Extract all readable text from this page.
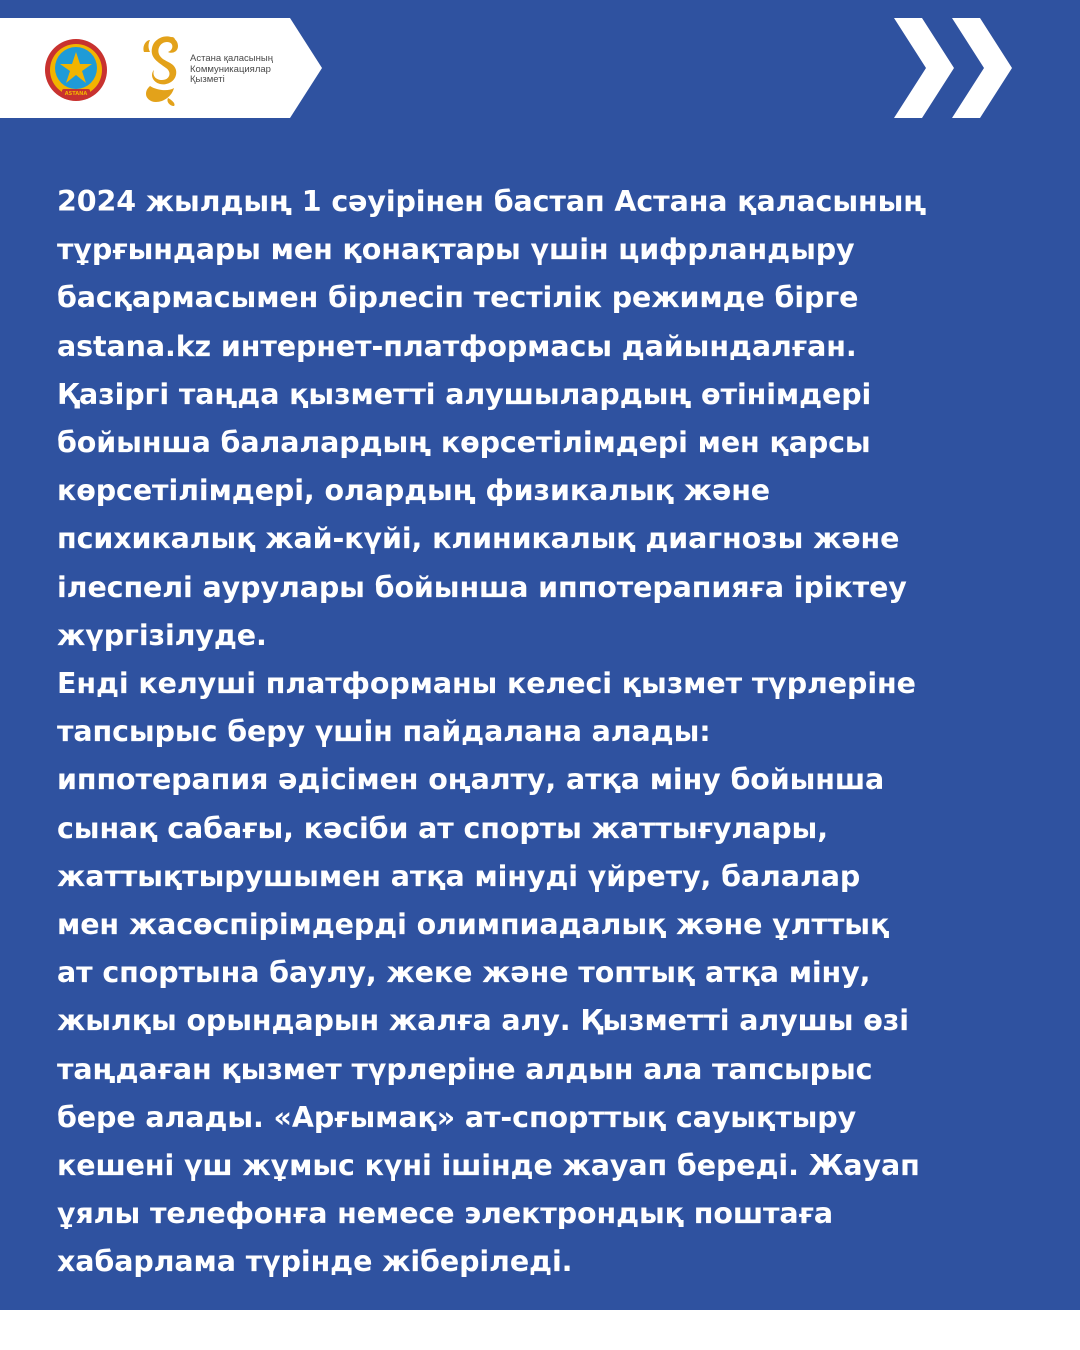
ASTANA

Астана қаласының
Коммуникациялар
Қызметі

2024 жылдың 1 сәуірінен бастап Астана қаласының
тұрғындары мен қонақтары үшін цифрландыру
басқармасымен бірлесіп тестілік режимде бірге
astana.kz интернет-платформасы дайындалған.
Қазіргі таңда қызметті алушылардың өтінімдері
бойынша балалардың көрсетілімдері мен қарсы
көрсетілімдері, олардың физикалық және
психикалық жай-күйі, клиникалық диагнозы және
ілеспелі аурулары бойынша иппотерапияға іріктеу
жүргізілуде.
Енді келуші платформаны келесі қызмет түрлеріне
тапсырыс беру үшін пайдалана алады:
иппотерапия әдісімен оңалту, атқа міну бойынша
сынақ сабағы, кәсіби ат спорты жаттығулары,
жаттықтырушымен атқа мінуді үйрету, балалар
мен жасөспірімдерді олимпиадалық және ұлттық
ат спортына баулу, жеке және топтық атқа міну,
жылқы орындарын жалға алу. Қызметті алушы өзі
таңдаған қызмет түрлеріне алдын ала тапсырыс
бере алады. «Арғымақ» ат-спорттық сауықтыру
кешені үш жұмыс күні ішінде жауап береді. Жауап
ұялы телефонға немесе электрондық поштаға
хабарлама түрінде жіберіледі.
